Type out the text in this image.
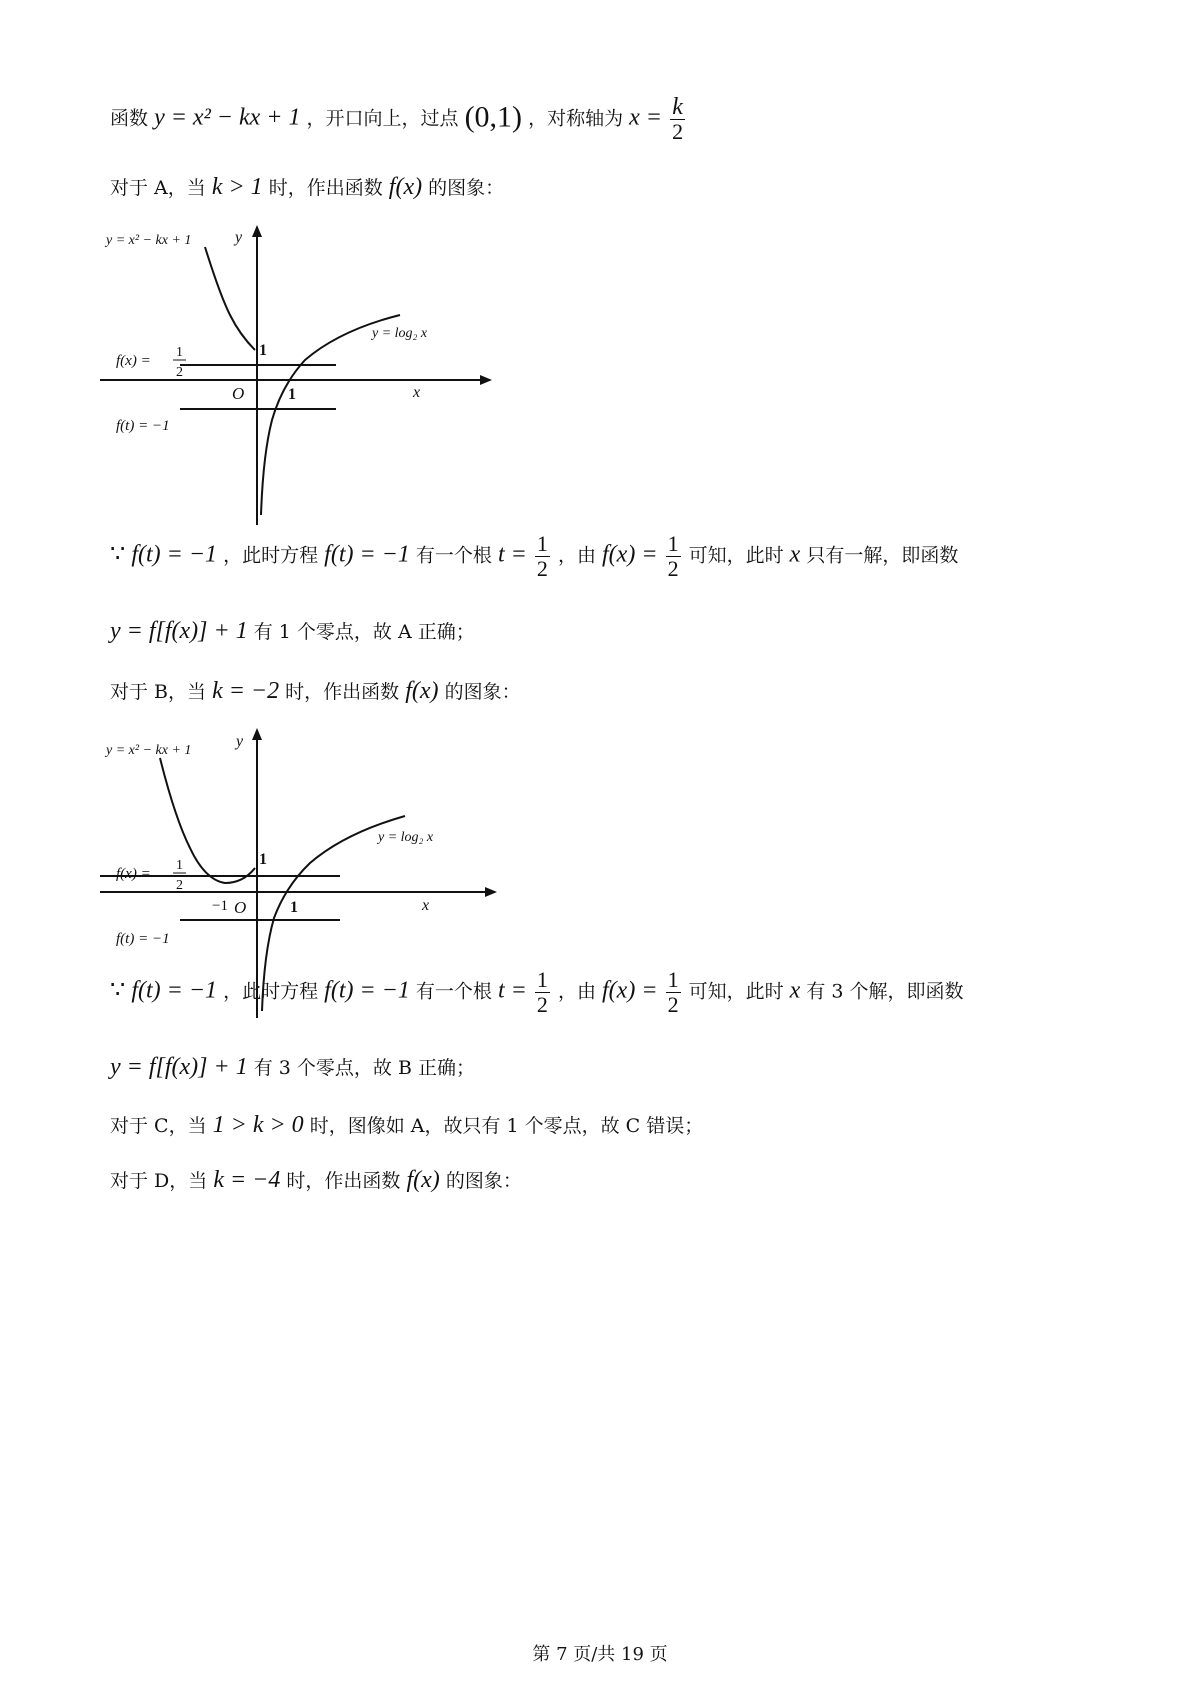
函数 y = x² − kx + 1 ，开口向上，过点 (0,1) ，对称轴为 $x = \frac{k}{2}$
对于 A，当 k > 1 时，作出函数 f(x) 的图象：
y
x
O
1
1
y = x² − kx + 1
y = log₂ x
f(x) =
1
2
f(t) = −1
∵ f(t) = −1 ，此时方程 f(t) = −1 有一个根 $t = \frac{1}{2}$ ，由 $f(x) = \frac{1}{2}$ 可知，此时 x 只有一解，即函数
y = f[f(x)] + 1 有 1 个零点，故 A 正确；
对于 B，当 k = −2 时，作出函数 f(x) 的图象：
y
x
O
1
1
−1
y = x² − kx + 1
y = log₂ x
f(x) =
1
2
f(t) = −1
∵ f(t) = −1 ，此时方程 f(t) = −1 有一个根 $t = \frac{1}{2}$ ，由 $f(x) = \frac{1}{2}$ 可知，此时 x 有 3 个解，即函数
y = f[f(x)] + 1 有 3 个零点，故 B 正确；
对于 C，当 1 > k > 0 时，图像如 A，故只有 1 个零点，故 C 错误；
对于 D，当 k = −4 时，作出函数 f(x) 的图象：
第 7 页/共 19 页
